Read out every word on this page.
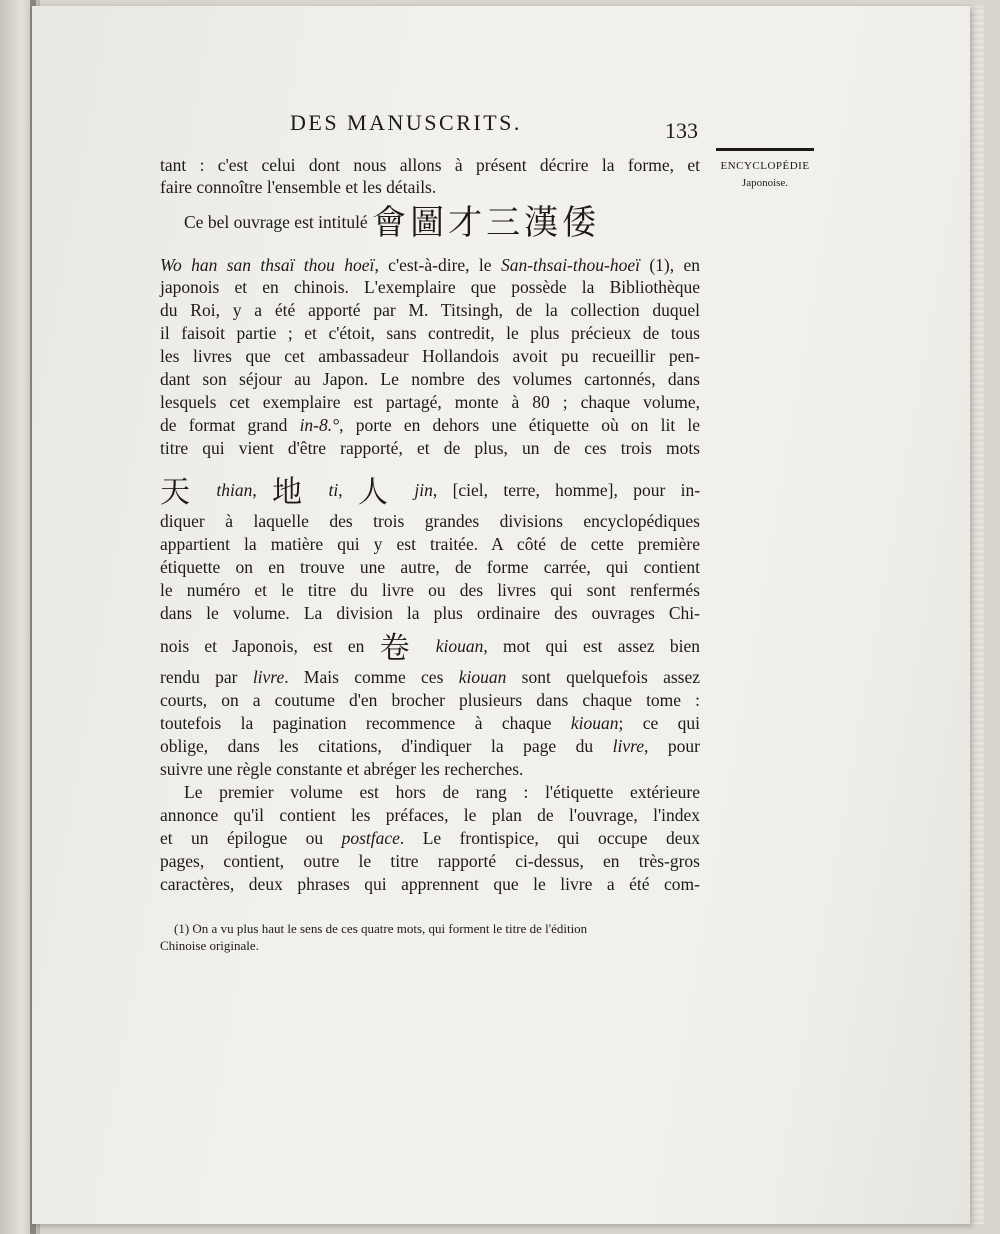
DES MANUSCRITS.	133
ENCYCLOPÉDIE
Japonoise.
tant : c'est celui dont nous allons à présent décrire la forme, et
faire connoître l'ensemble et les détails.
Ce bel ouvrage est intitulé 會圖才三漢倭
Wo han san thsaï thou hoeï, c'est-à-dire, le San-thsai-thou-hoeï (1), en
japonois et en chinois. L'exemplaire que possède la Bibliothèque
du Roi, y a été apporté par M. Titsingh, de la collection duquel
il faisoit partie ; et c'étoit, sans contredit, le plus précieux de tous
les livres que cet ambassadeur Hollandois avoit pu recueillir pen-
dant son séjour au Japon. Le nombre des volumes cartonnés, dans
lesquels cet exemplaire est partagé, monte à 80 ; chaque volume,
de format grand in-8.°, porte en dehors une étiquette où on lit le
titre qui vient d'être rapporté, et de plus, un de ces trois mots
天 thian, 地 ti, 人 jin, [ciel, terre, homme], pour in-
diquer à laquelle des trois grandes divisions encyclopédiques
appartient la matière qui y est traitée. A côté de cette première
étiquette on en trouve une autre, de forme carrée, qui contient
le numéro et le titre du livre ou des livres qui sont renfermés
dans le volume. La division la plus ordinaire des ouvrages Chi-
nois et Japonois, est en 卷 kiouan, mot qui est assez bien
rendu par livre. Mais comme ces kiouan sont quelquefois assez
courts, on a coutume d'en brocher plusieurs dans chaque tome :
toutefois la pagination recommence à chaque kiouan; ce qui
oblige, dans les citations, d'indiquer la page du livre, pour
suivre une règle constante et abréger les recherches.
Le premier volume est hors de rang : l'étiquette extérieure
annonce qu'il contient les préfaces, le plan de l'ouvrage, l'index
et un épilogue ou postface. Le frontispice, qui occupe deux
pages, contient, outre le titre rapporté ci-dessus, en très-gros
caractères, deux phrases qui apprennent que le livre a été com-
(1) On a vu plus haut le sens de ces quatre mots, qui forment le titre de l'édition
Chinoise originale.
